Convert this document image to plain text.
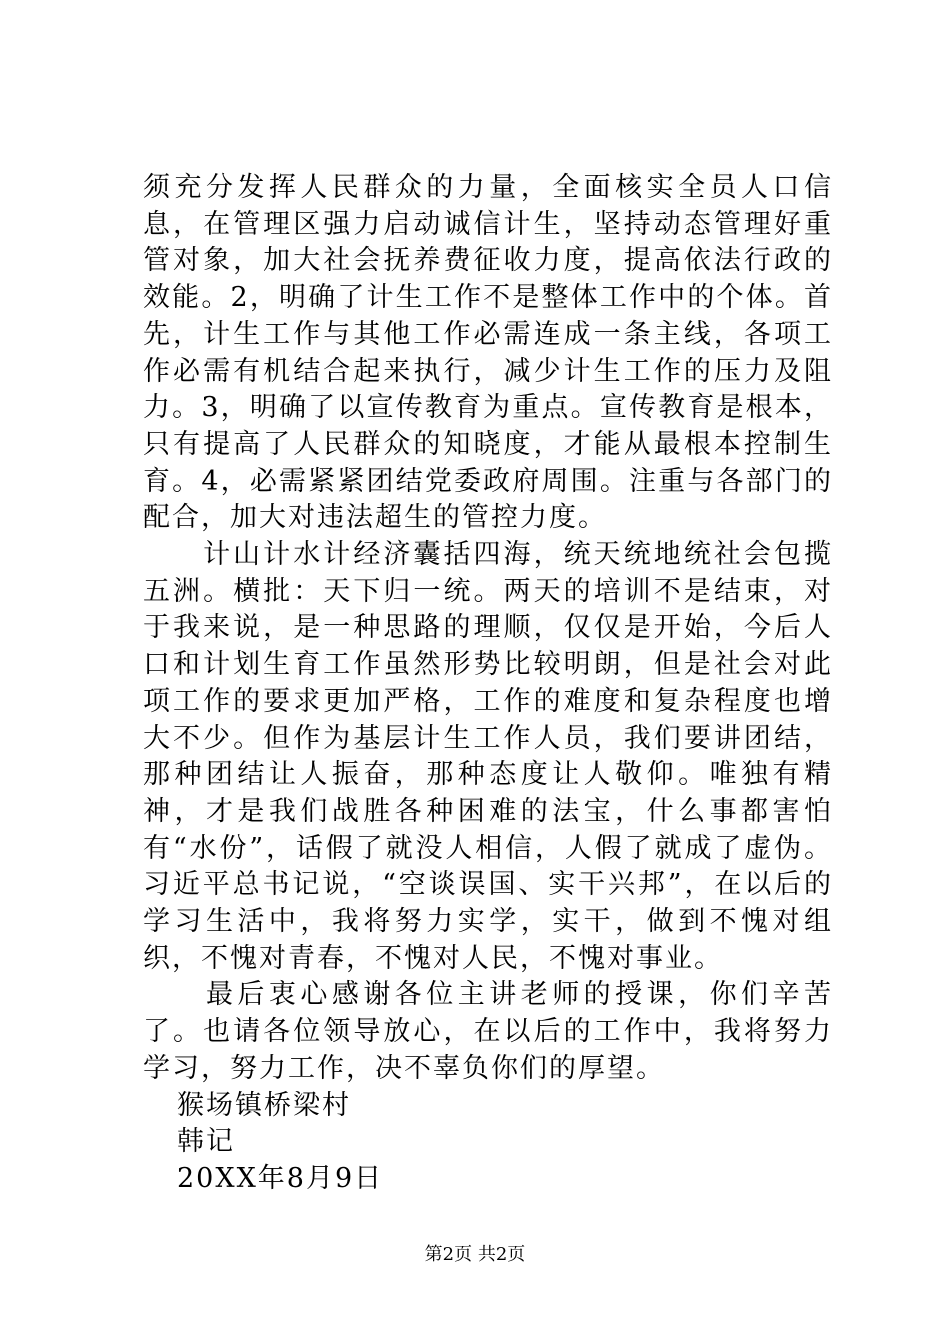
须充分发挥人民群众的力量，全面核实全员人口信息，在管理区强力启动诚信计生，坚持动态管理好重管对象，加大社会抚养费征收力度，提高依法行政的效能。2，明确了计生工作不是整体工作中的个体。首先，计生工作与其他工作必需连成一条主线，各项工作必需有机结合起来执行，减少计生工作的压力及阻力。3，明确了以宣传教育为重点。宣传教育是根本，只有提高了人民群众的知晓度，才能从最根本控制生育。4，必需紧紧团结党委政府周围。注重与各部门的配合，加大对违法超生的管控力度。

　　计山计水计经济囊括四海，统天统地统社会包揽五洲。横批：天下归一统。两天的培训不是结束，对于我来说，是一种思路的理顺，仅仅是开始，今后人口和计划生育工作虽然形势比较明朗，但是社会对此项工作的要求更加严格，工作的难度和复杂程度也增大不少。但作为基层计生工作人员，我们要讲团结，那种团结让人振奋，那种态度让人敬仰。唯独有精神，才是我们战胜各种困难的法宝，什么事都害怕有“水份”，话假了就没人相信，人假了就成了虚伪。习近平总书记说，“空谈误国、实干兴邦”，在以后的学习生活中，我将努力实学，实干，做到不愧对组织，不愧对青春，不愧对人民，不愧对事业。

　　最后衷心感谢各位主讲老师的授课，你们辛苦了。也请各位领导放心，在以后的工作中，我将努力学习，努力工作，决不辜负你们的厚望。

猴场镇桥梁村

韩记

20XX年8月9日

第2页 共2页
